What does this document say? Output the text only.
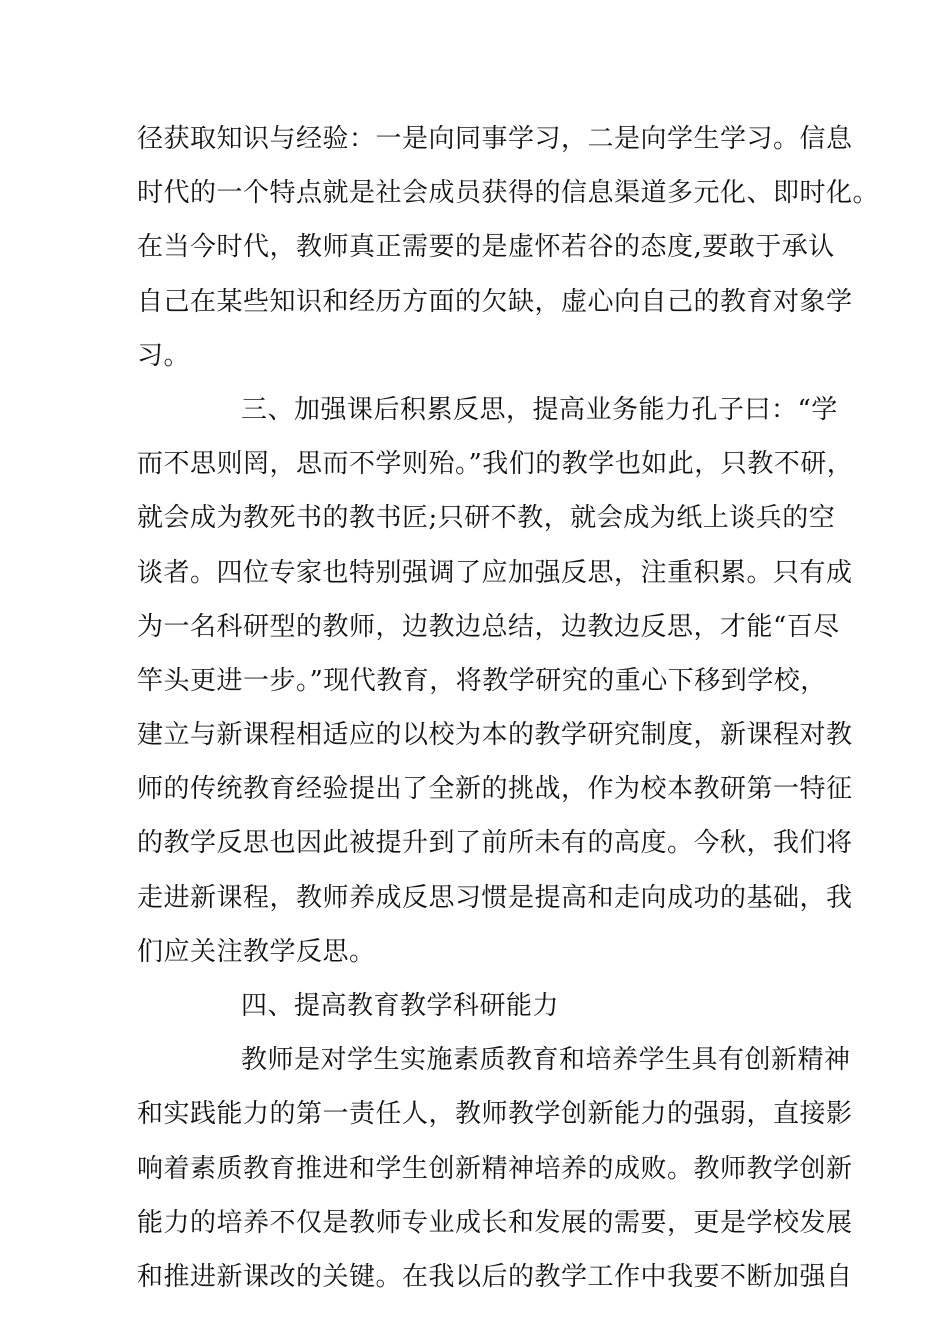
径获取知识与经验：一是向同事学习，二是向学生学习。信息
时代的一个特点就是社会成员获得的信息渠道多元化、即时化。
在当今时代，教师真正需要的是虚怀若谷的态度,要敢于承认
自己在某些知识和经历方面的欠缺，虚心向自己的教育对象学
习。
三、加强课后积累反思，提高业务能力孔子曰：“学
而不思则罔，思而不学则殆。”我们的教学也如此，只教不研，
就会成为教死书的教书匠;只研不教，就会成为纸上谈兵的空
谈者。四位专家也特别强调了应加强反思，注重积累。只有成
为一名科研型的教师，边教边总结，边教边反思，才能“百尽
竿头更进一步。”现代教育，将教学研究的重心下移到学校，
建立与新课程相适应的以校为本的教学研究制度，新课程对教
师的传统教育经验提出了全新的挑战，作为校本教研第一特征
的教学反思也因此被提升到了前所未有的高度。今秋，我们将
走进新课程，教师养成反思习惯是提高和走向成功的基础，我
们应关注教学反思。
四、提高教育教学科研能力
教师是对学生实施素质教育和培养学生具有创新精神
和实践能力的第一责任人，教师教学创新能力的强弱，直接影
响着素质教育推进和学生创新精神培养的成败。教师教学创新
能力的培养不仅是教师专业成长和发展的需要，更是学校发展
和推进新课改的关键。在我以后的教学工作中我要不断加强自
